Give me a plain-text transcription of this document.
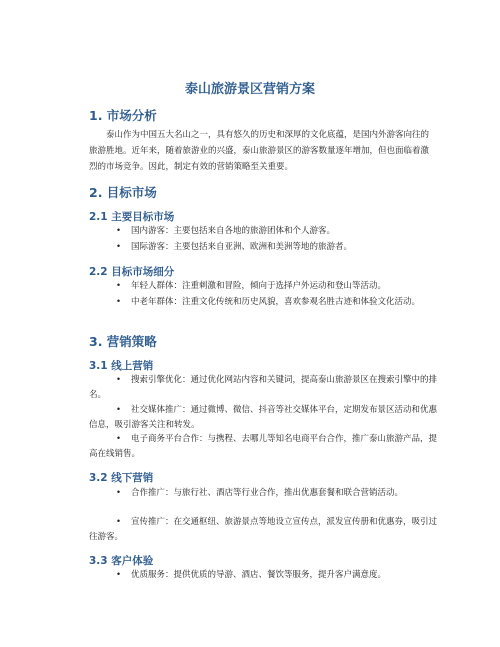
泰山旅游景区营销方案
1. 市场分析
泰山作为中国五大名山之一，具有悠久的历史和深厚的文化底蕴，是国内外游客向往的旅游胜地。近年来，随着旅游业的兴盛，泰山旅游景区的游客数量逐年增加，但也面临着激烈的市场竞争。因此，制定有效的营销策略至关重要。
2. 目标市场
2.1 主要目标市场

• 国内游客：主要包括来自各地的旅游团体和个人游客。

• 国际游客：主要包括来自亚洲、欧洲和美洲等地的旅游者。

2.2 目标市场细分

• 年轻人群体：注重刺激和冒险，倾向于选择户外运动和登山等活动。

• 中老年群体：注重文化传统和历史风貌，喜欢参观名胜古迹和体验文化活动。

3. 营销策略
3.1 线上营销

• 搜索引擎优化：通过优化网站内容和关键词，提高泰山旅游景区在搜索引擎中的排名。

• 社交媒体推广：通过微博、微信、抖音等社交媒体平台，定期发布景区活动和优惠信息，吸引游客关注和转发。

• 电子商务平台合作：与携程、去哪儿等知名电商平台合作，推广泰山旅游产品，提高在线销售。

3.2 线下营销

• 合作推广：与旅行社、酒店等行业合作，推出优惠套餐和联合营销活动。

• 宣传推广：在交通枢纽、旅游景点等地设立宣传点，派发宣传册和优惠券，吸引过往游客。

3.3 客户体验

• 优质服务：提供优质的导游、酒店、餐饮等服务，提升客户满意度。
